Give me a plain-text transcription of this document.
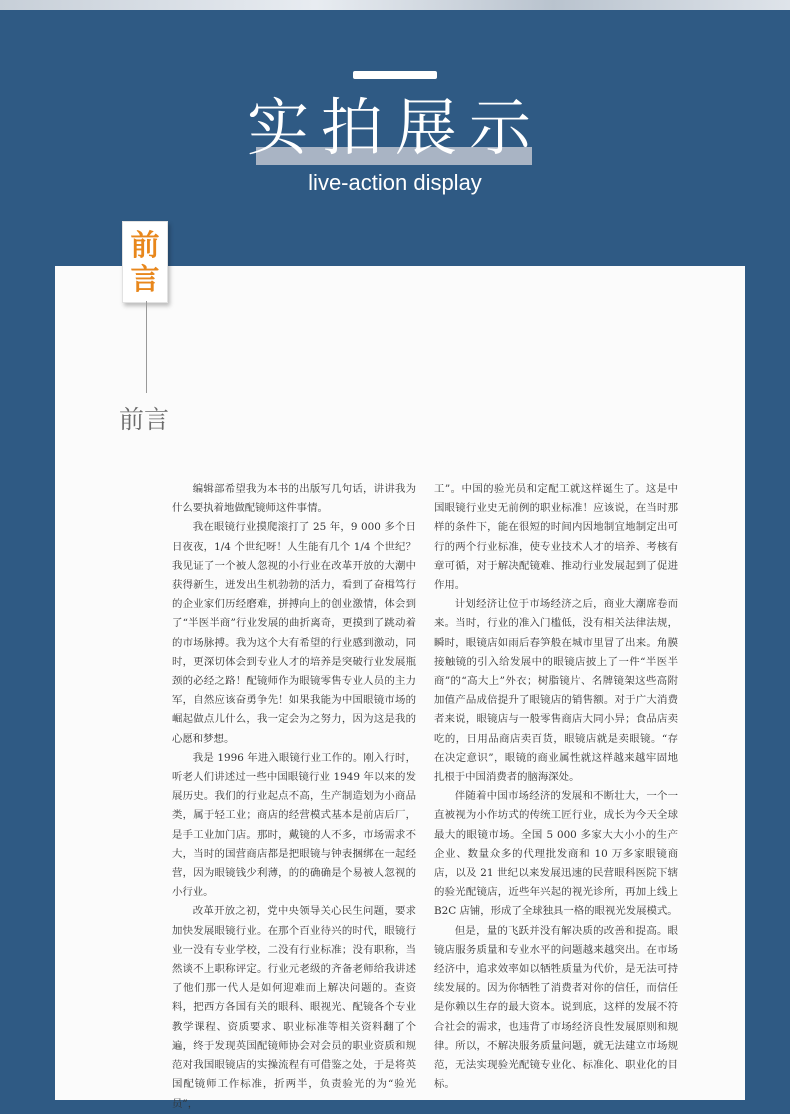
实拍展示
live-action display
前
言
前言

编辑部希望我为本书的出版写几句话，讲讲我为什么要执着地做配镜师这件事情。

我在眼镜行业摸爬滚打了 25 年，9 000 多个日日夜夜，1/4 个世纪呀！人生能有几个 1/4 个世纪？我见证了一个被人忽视的小行业在改革开放的大潮中获得新生，迸发出生机勃勃的活力，看到了奋楫笃行的企业家们历经磨难，拼搏向上的创业激情，体会到了“半医半商”行业发展的曲折离奇，更摸到了跳动着的市场脉搏。我为这个大有希望的行业感到激动，同时，更深切体会到专业人才的培养是突破行业发展瓶颈的必经之路！配镜师作为眼镜零售专业人员的主力军，自然应该奋勇争先！如果我能为中国眼镜市场的崛起做点儿什么，我一定会为之努力，因为这是我的心愿和梦想。

我是 1996 年进入眼镜行业工作的。刚入行时，听老人们讲述过一些中国眼镜行业 1949 年以来的发展历史。我们的行业起点不高，生产制造划为小商品类，属于轻工业；商店的经营模式基本是前店后厂，是手工业加门店。那时，戴镜的人不多，市场需求不大，当时的国营商店都是把眼镜与钟表捆绑在一起经营，因为眼镜钱少利薄，的的确确是个易被人忽视的小行业。

改革开放之初，党中央领导关心民生问题，要求加快发展眼镜行业。在那个百业待兴的时代，眼镜行业一没有专业学校，二没有行业标准；没有职称，当然谈不上职称评定。行业元老级的齐备老师给我讲述了他们那一代人是如何迎难而上解决问题的。查资料，把西方各国有关的眼科、眼视光、配镜各个专业教学课程、资质要求、职业标准等相关资料翻了个遍，终于发现英国配镜师协会对会员的职业资质和规范对我国眼镜店的实操流程有可借鉴之处，于是将英国配镜师工作标准，折两半，负责验光的为“验光员”，

工”。中国的验光员和定配工就这样诞生了。这是中国眼镜行业史无前例的职业标准！应该说，在当时那样的条件下，能在很短的时间内因地制宜地制定出可行的两个行业标准，使专业技术人才的培养、考核有章可循，对于解决配镜难、推动行业发展起到了促进作用。

计划经济让位于市场经济之后，商业大潮席卷而来。当时，行业的准入门槛低，没有相关法律法规，瞬时，眼镜店如雨后春笋般在城市里冒了出来。角膜接触镜的引入给发展中的眼镜店披上了一件“半医半商”的“高大上”外衣；树脂镜片、名牌镜架这些高附加值产品成倍提升了眼镜店的销售额。对于广大消费者来说，眼镜店与一般零售商店大同小异；食品店卖吃的，日用品商店卖百货，眼镜店就是卖眼镜。“存在决定意识”，眼镜的商业属性就这样越来越牢固地扎根于中国消费者的脑海深处。

伴随着中国市场经济的发展和不断壮大，一个一直被视为小作坊式的传统工匠行业，成长为今天全球最大的眼镜市场。全国 5 000 多家大大小小的生产企业、数量众多的代理批发商和 10 万多家眼镜商店，以及 21 世纪以来发展迅速的民营眼科医院下辖的验光配镜店，近些年兴起的视光诊所，再加上线上 B2C 店铺，形成了全球独具一格的眼视光发展模式。

但是，量的飞跃并没有解决质的改善和提高。眼镜店服务质量和专业水平的问题越来越突出。在市场经济中，追求效率如以牺牲质量为代价，是无法可持续发展的。因为你牺牲了消费者对你的信任，而信任是你赖以生存的最大资本。说到底，这样的发展不符合社会的需求，也违背了市场经济良性发展原则和规律。所以，不解决服务质量问题，就无法建立市场规范，无法实现验光配镜专业化、标准化、职业化的目标。
